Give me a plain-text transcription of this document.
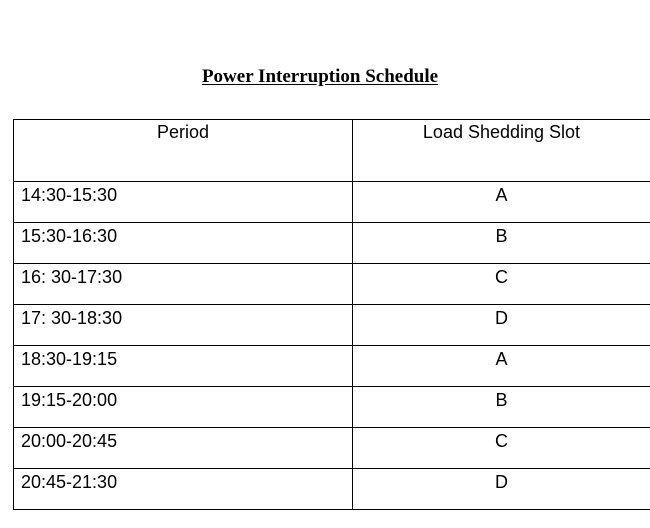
Power Interruption Schedule
Period	Load Shedding Slot
14:30-15:30	A
15:30-16:30	B
16: 30-17:30	C
17: 30-18:30	D
18:30-19:15	A
19:15-20:00	B
20:00-20:45	C
20:45-21:30	D
